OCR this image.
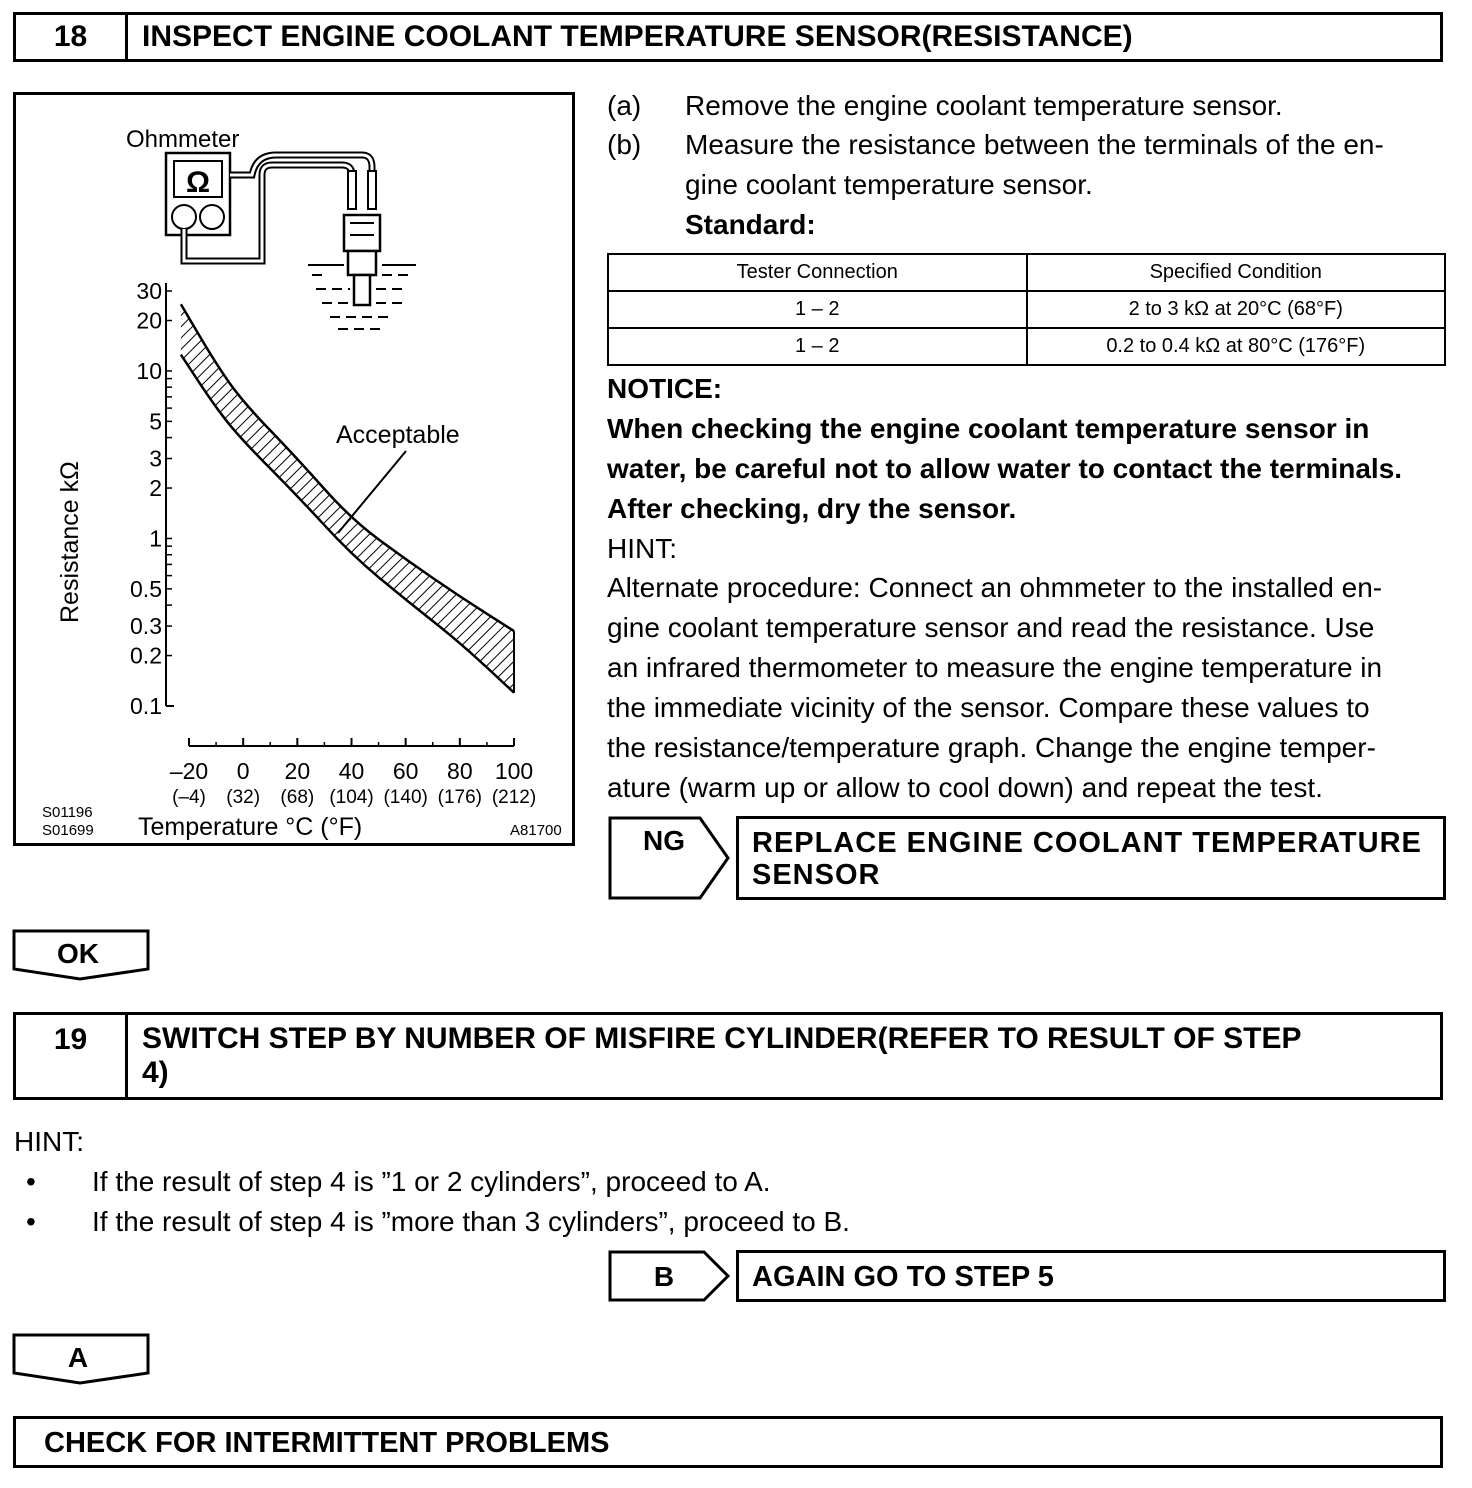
18	INSPECT ENGINE COOLANT TEMPERATURE SENSOR(RESISTANCE)
Ohmmeter
Ω
30
20
10
5
3
2
1
0.5
0.3
0.2
0.1
–20
(–4)
0
(32)
20
(68)
40
(104)
60
(140)
80
(176)
100
(212)
Resistance kΩ
Acceptable
Temperature °C (°F)
S01196
S01699	A81700
(a) Remove the engine coolant temperature sensor.
(b) Measure the resistance between the terminals of the en-
gine coolant temperature sensor.
Standard:
Tester Connection	Specified Condition
1 – 2	2 to 3 kΩ at 20°C (68°F)
1 – 2	0.2 to 0.4 kΩ at 80°C (176°F)
NOTICE:
When checking the engine coolant temperature sensor in
water, be careful not to allow water to contact the terminals.
After checking, dry the sensor.
HINT:
Alternate procedure: Connect an ohmmeter to the installed en-
gine coolant temperature sensor and read the resistance. Use
an infrared thermometer to measure the engine temperature in
the immediate vicinity of the sensor. Compare these values to
the resistance/temperature graph. Change the engine temper-
ature (warm up or allow to cool down) and repeat the test.
NG REPLACE ENGINE COOLANT TEMPERATURE
SENSOR
OK
19	SWITCH STEP BY NUMBER OF MISFIRE CYLINDER(REFER TO RESULT OF STEP
4)
HINT:
• If the result of step 4 is ”1 or 2 cylinders”, proceed to A.
• If the result of step 4 is ”more than 3 cylinders”, proceed to B.
B	AGAIN GO TO STEP 5
A
CHECK FOR INTERMITTENT PROBLEMS
